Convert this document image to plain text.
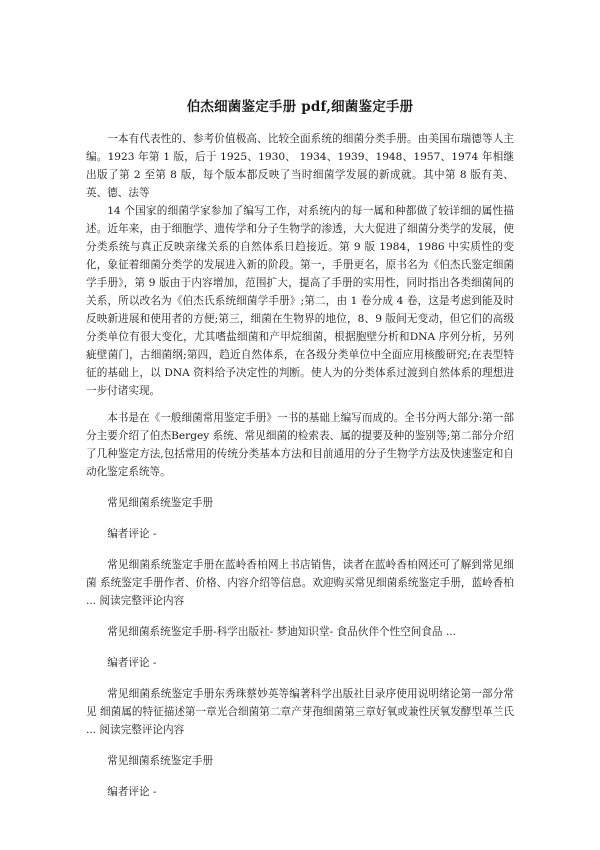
伯杰细菌鉴定手册 pdf,细菌鉴定手册

一本有代表性的、参考价值极高、比较全面系统的细菌分类手册。由美国布瑞德等人主编。1923 年第 1 版，后于 1925、1930、 1934、1939、1948、1957、1974 年相继出版了第 2 至第 8 版，每个版本都反映了当时细菌学发展的新成就。其中第 8 版有美、英、德、法等

14 个国家的细菌学家参加了编写工作，对系统内的每一属和种都做了较详细的属性描述。近年来，由于细胞学、遗传学和分子生物学的渗透，大大促进了细菌分类学的发展，使分类系统与真正反映亲缘关系的自然体系日趋接近。第 9 版 1984，1986 中实质性的变化，象征着细菌分类学的发展进入新的阶段。第一，手册更名，原书名为《伯杰氏鉴定细菌学手册》，第 9 版由于内容增加，范围扩大，提高了手册的实用性，同时指出各类细菌间的关系，所以改名为《伯杰氏系统细菌学手册》;第二，由 1 卷分成 4 卷，这是考虑到能及时反映新进展和使用者的方便;第三，细菌在生物界的地位，8、9 版间无变动，但它们的高级分类单位有很大变化，尤其嗜盐细菌和产甲烷细菌，根据胞壁分析和DNA 序列分析，另列疵壁菌门，古细菌纲;第四，趋近自然体系，在各级分类单位中全面应用核酸研究;在表型特征的基础上，以 DNA 资料给予决定性的判断。使人为的分类体系过渡到自然体系的理想进一步付诸实现。

本书是在《一般细菌常用鉴定手册》一书的基础上编写而成的。全书分两大部分:第一部分主要介绍了伯杰Bergey 系统、常见细菌的检索表、属的提要及种的鉴别等;第二部分介绍了几种鉴定方法,包括常用的传统分类基本方法和目前通用的分子生物学方法及快速鉴定和自动化鉴定系统等。

常见细菌系统鉴定手册

编者评论 -

常见细菌系统鉴定手册在蓝岭香柏网上书店销售，读者在蓝岭香柏网还可了解到常见细菌 系统鉴定手册作者、价格、内容介绍等信息。欢迎购买常见细菌系统鉴定手册，蓝岭香柏 ... 阅读完整评论内容

常见细菌系统鉴定手册-科学出版社- 梦迪知识堂- 食品伙伴个性空间食品 ...

编者评论 -

常见细菌系统鉴定手册东秀珠蔡妙英等编著科学出版社目录序使用说明绪论第一部分常见 细菌属的特征描述第一章光合细菌第二章产芽孢细菌第三章好氧或兼性厌氧发酵型革兰氏 ... 阅读完整评论内容

常见细菌系统鉴定手册

编者评论 -
